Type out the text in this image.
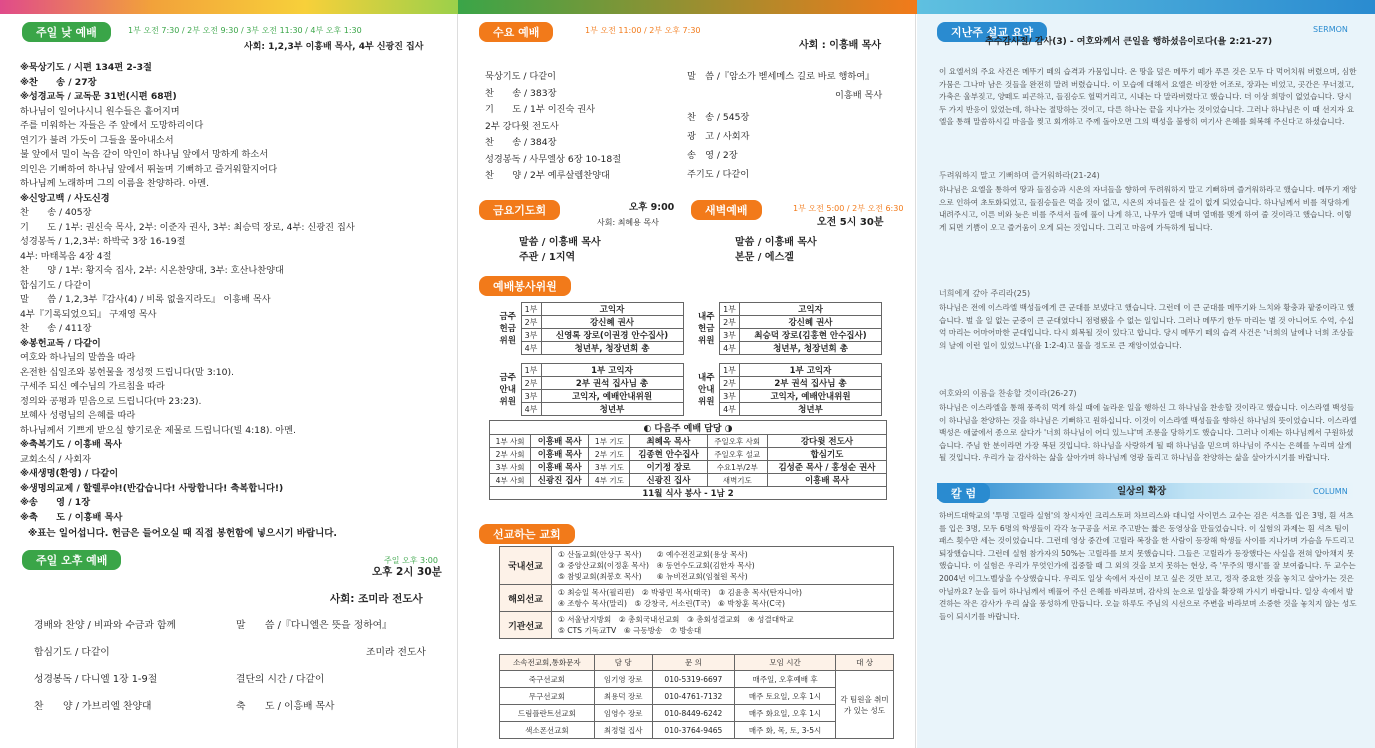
주일 낮 예배	1부 오전 7:30 / 2부 오전 9:30 / 3부 오전 11:30 / 4부 오후 1:30
사회: 1,2,3부 이흥배 목사, 4부 신광진 집사
※묵상기도 / 시편 134편 2-3절
※찬　　송 / 27장
※성경교독 / 교독문 31번(시편 68편)
하나님이 일어나시니 원수들은 흩어지며
주를 미워하는 자들은 주 앞에서 도망하리이다
연기가 불려 가듯이 그들을 몰아내소서
불 앞에서 밀이 녹음 같이 악인이 하나님 앞에서 망하게 하소서
의인은 기뻐하여 하나님 앞에서 뛰놀며 기뻐하고 즐거워할지어다
하나님께 노래하며 그의 이름을 찬양하라. 아멘.
※신앙고백 / 사도신경
찬　　송 / 405장
기　　도 / 1부: 권신숙 목사, 2부: 이준자 권사, 3부: 최승덕 장로, 4부: 신광진 집사
성경봉독 / 1,2,3부: 하박국 3장 16-19절
4부: 마태복음 4장 4절
찬　　양 / 1부: 황지숙 집사, 2부: 시온찬양대, 3부: 호산나찬양대
합심기도 / 다같이
말　　씀 / 1,2,3부『감사(4) / 비록 없을지라도』 이흥배 목사
4부『기록되었으되』 구재영 목사
찬　　송 / 411장
※봉헌교독 / 다같이
여호와 하나님의 말씀을 따라
온전한 십일조와 봉헌물을 정성껏 드립니다(말 3:10).
구세주 되신 예수님의 가르침을 따라
정의와 공평과 믿음으로 드립니다(마 23:23).
보혜사 성령님의 은혜를 따라
하나님께서 기쁘게 받으실 향기로운 제물로 드립니다(빌 4:18). 아멘.
※축복기도 / 이흥배 목사
교회소식 / 사회자
※새생명(환영) / 다같이
※생명의교제 / 할렐루야!(반갑습니다! 사랑합니다! 축복합니다!)
※송　　영 / 1장
※축　　도 / 이흥배 목사
※표는 일어섭니다. 헌금은 들어오실 때 직접 봉헌함에 넣으시기 바랍니다.
주일 오후 예배	주일 오후 3:00
오후 2시 30분
사회: 조미라 전도사
경배와 찬양 / 비파와 수금과 함께
합심기도 / 다같이
성경봉독 / 다니엘 1장 1-9절
찬　　양 / 가브리엘 찬양대
말　　씀 /『다니엘은 뜻을 정하여』
조미라 전도사
결단의 시간 / 다같이
축　　도 / 이흥배 목사
수요 예배	1부 오전 11:00 / 2부 오후 7:30
사회 : 이흥배 목사
묵상기도 / 다같이
찬　　송 / 383장
기　　도 / 1부 이진숙 권사
2부 강다윗 전도사
찬　　송 / 384장
성경봉독 / 사무엘상 6장 10-18절
찬　　양 / 2부 예루살렘찬양대
말　씀 /『암소가 벧세메스 길로 바로 행하여』
이흥배 목사
찬　송 / 545장
광　고 / 사회자
송　영 / 2장
주기도 / 다같이
금요기도회	오후 9:00
사회: 최혜용 목사
말씀 / 이흥배 목사
주관 / 1지역
새벽예배	1부 오전 5:00 / 2부 오전 6:30
오전 5시 30분
말씀 / 이흥배 목사
본문 / 에스겔
예배봉사위원
금주
헌금
위원	1부	고익자
	2부	강신혜 권사
	3부	신영록 장로(이권경 안수집사)
	4부	청년부, 청장년회 총
내주
헌금
위원	1부	고익자
	2부	강신혜 권사
	3부	최승덕 장로(김홍현 안수집사)
	4부	청년부, 청장년회 총
금주
안내
위원	1부	1부 고익자
	2부	2부 권석 집사님 총
	3부	고익자, 예배안내위원
	4부	청년부
내주
안내
위원	1부	1부 고익자
	2부	2부 권석 집사님 총
	3부	고익자, 예배안내위원
	4부	청년부
◐ 다음주 예배 담당 ◑					
1부 사회	이흥배 목사	1부 기도	최혜옥 목사	주일오후 사회	강다윗 전도사
2부 사회	이흥배 목사	2부 기도	김종현 안수집사	주일오후 설교	합심기도
3부 사회	이흥배 목사	3부 기도	이기정 장로	수요1부/2부	김성준 목사 / 홍성순 권사
4부 사회	신광진 집사	4부 기도	신광진 집사	새벽기도	이흥배 목사
11월 식사 봉사 - 1남 2					
선교하는 교회
국내선교	① 산돌교회(안상구 목사)　　② 예수전진교회(용상 목사)
③ 중앙산교회(이정훈 목사)　④ 동연수도교회(김한자 목사)
⑤ 참빛교회(최봉호 목사)　　⑥ 뉴비전교회(임철원 목사)

해외선교	① 최승일 목사(필리핀)　② 박광민 목사(태국)　③ 김윤총 목사(탄자니아)
④ 조항수 목사(말리)　⑤ 강창국, 서소린(T국)　⑥ 박창훈 목사(C국)

기관선교	① 서울남지방회　② 총회국내선교회　③ 총회성결교회　④ 성결대학교
⑤ CTS 기독교TV　⑥ 극동방송　⑦ 방송대
소속전교회,통화문자	담 당	문 의	모임 시간	대 상
죽구선교회	임기영 장로	010-5319-6697	매주일, 오후예배 후	각 팀원을 취미가 있는 성도
무구선교회	최용덕 장로	010-4761-7132	매주 토요일, 오후 1시	
드림플란트선교회	임영수 장로	010-8449-6242	매주 화요일, 오후 1시	
색소폰선교회	최정렬 집사	010-3764-9465	매주 화, 목, 토, 3-5시	
지난주 설교 요약	SERMON
추수감사절/ 감사(3) - 여호와께서 큰일을 행하셨음이로다(욜 2:21-27)
이 요엘서의 주요 사건은 메뚜기 떼의 습격과 가뭄입니다. 온 땅을 덮은 메뚜기 떼가 푸른 것은 모두 다 먹어치워 버렸으며, 심한 가뭄은 그나마 남은 것들을 완전히 말려 버렸습니다. 이 모습에 대해서 요엘은 비장한 어조로, 장과는 비었고, 곳간은 무너졌고, 가축은 울부짖고, 양떼도 피곤하고, 들짐승도 헐떡거리고, 시내는 다 말라버렸다고 했습니다. 더 이상 희망이 없었습니다. 당시 두 가지 반응이 있었는데, 하나는 절망하는 것이고, 다른 하나는 끝을 지나가는 것이었습니다. 그러나 하나님은 이 때 선지자 요엘을 통해 말씀하시길 마음을 찢고 회개하고 주께 돌아오면 그의 백성을 불쌍히 여기사 은혜를 회복해 주신다고 하셨습니다.
두려워하지 말고 기뻐하며 즐거워하라(21-24)
하나님은 요엘을 통하여 땅과 들짐승과 시온의 자녀들을 향하여 두려워하지 말고 기뻐하며 즐거워하라고 했습니다. 메뚜기 재앙으로 인하여 초토화되었고, 들짐승들은 먹을 것이 없고, 시온의 자녀들은 살 길이 없게 되었습니다. 하나님께서 비를 적당하게 내려주시고, 이른 비와 늦은 비를 주셔서 들에 풀이 나게 하고, 나무가 열매 내며 열매를 맺게 하여 줄 것이라고 했습니다. 이렇게 되면 기쁨이 오고 즐거움이 오게 되는 것입니다. 그리고 마음에 가득하게 됩니다.
너희에게 갚아 주리라(25)
하나님은 전에 이스라엘 백성들에게 큰 군대를 보냈다고 했습니다. 그런데 이 큰 군대를 메뚜기와 느치와 황충과 팥중이라고 했습니다. 벌 을 일 없는 군중이 큰 군대였다니 점령됐을 수 없는 일입니다. 그러나 메뚜기 한두 마리는 별 것 아니어도 수억, 수십 억 마리는 어마어마한 군대입니다. 다시 회복될 것이 있다고 합니다. 당시 메뚜기 떼의 습격 사건은 '너희의 날에나 너희 조상들의 날에 이런 일이 있었느냐'(욜 1:2-4)고 물을 정도로 큰 재앙이었습니다.
여호와의 이름을 찬송할 것이라(26-27)
하나님은 이스라엘을 통해 풍족히 먹게 하실 때에 놀라운 일을 행하신 그 하나님을 찬송할 것이라고 했습니다. 이스라엘 백성들이 하나님을 찬양하는 것을 하나님은 기뻐하고 원하십니다. 이것이 이스라엘 백성들을 향하신 하나님의 뜻이었습니다. 이스라엘 백성은 애굽에서 종으로 살다가 '너희 하나님이 어디 있느냐'며 조롱을 당하기도 했습니다. 그러나 이제는 하나님께서 구원하셨습니다. 주님 한 분이라면 가장 복된 것입니다. 하나님을 사랑하게 될 때 하나님을 믿으며 하나님이 주시는 은혜를 누리며 살게 될 것입니다. 우리가 늘 감사하는 삶을 살아가며 하나님께 영광 돌리고 하나님을 찬양하는 삶을 살아가시기를 바랍니다.
칼 럼	COLUMN
일상의 확장
하버드대학교의 '투명 고릴라 실험'의 창시자인 크리스토퍼 차브리스와 대니얼 사이먼스 교수는 검은 셔츠를 입은 3명, 흰 셔츠를 입은 3명, 모두 6명의 학생들이 각각 농구공을 서로 주고받는 짧은 동영상을 만들었습니다. 이 실험의 과제는 흰 셔츠 팀이 패스 횟수만 세는 것이었습니다. 그런데 영상 중간에 고릴라 복장을 한 사람이 등장해 학생들 사이를 지나가며 가슴을 두드리고 퇴장했습니다. 그런데 실험 참가자의 50%는 고릴라를 보지 못했습니다. 그들은 고릴라가 등장했다는 사실을 전혀 알아채지 못했습니다. 이 실험은 우리가 무엇인가에 집중할 때 그 외의 것을 보지 못하는 현상, 즉 '무주의 맹시'를 잘 보여줍니다. 두 교수는 2004년 이그노벨상을 수상했습니다. 우리도 일상 속에서 자신이 보고 싶은 것만 보고, 정작 중요한 것을 놓치고 살아가는 것은 아닐까요? 눈을 들어 하나님께서 베풀어 주신 은혜를 바라보며, 감사의 눈으로 일상을 확장해 가시기 바랍니다. 일상 속에서 발견하는 작은 감사가 우리 삶을 풍성하게 만듭니다. 오늘 하루도 주님의 시선으로 주변을 바라보며 소중한 것을 놓치지 않는 성도들이 되시기를 바랍니다.
